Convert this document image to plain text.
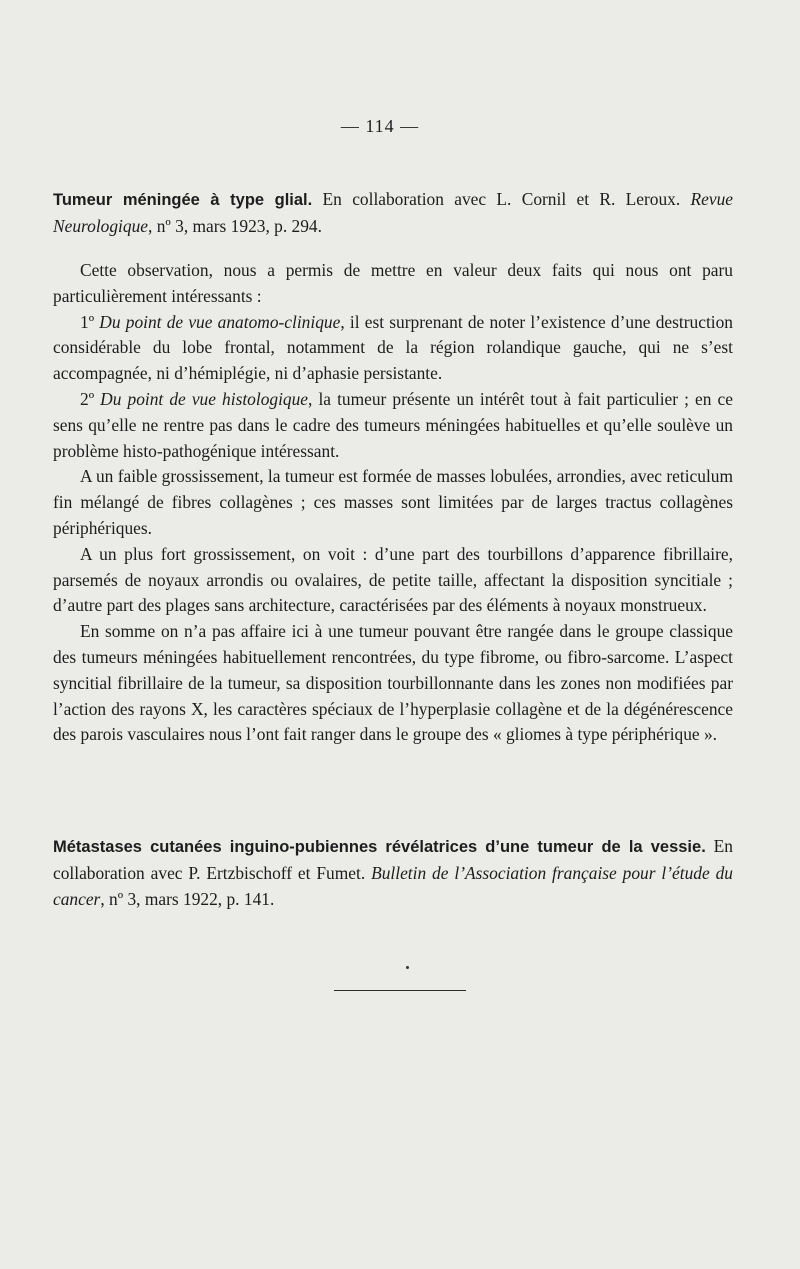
— 114 —
Tumeur méningée à type glial. En collaboration avec L. Cornil et R. Leroux. Revue Neurologique, nº 3, mars 1923, p. 294.

Cette observation, nous a permis de mettre en valeur deux faits qui nous ont paru particulièrement intéressants :

1º Du point de vue anatomo-clinique, il est surprenant de noter l’existence d’une destruction considérable du lobe frontal, notamment de la région rolandique gauche, qui ne s’est accompagnée, ni d’hémiplégie, ni d’aphasie persistante.

2º Du point de vue histologique, la tumeur présente un intérêt tout à fait particulier ; en ce sens qu’elle ne rentre pas dans le cadre des tumeurs méningées habituelles et qu’elle soulève un problème histo-pathogénique intéressant.

A un faible grossissement, la tumeur est formée de masses lobulées, arrondies, avec reticulum fin mélangé de fibres collagènes ; ces masses sont limitées par de larges tractus collagènes périphériques.

A un plus fort grossissement, on voit : d’une part des tourbillons d’apparence fibrillaire, parsemés de noyaux arrondis ou ovalaires, de petite taille, affectant la disposition syncitiale ; d’autre part des plages sans architecture, caractérisées par des éléments à noyaux monstrueux.

En somme on n’a pas affaire ici à une tumeur pouvant être rangée dans le groupe classique des tumeurs méningées habituellement rencontrées, du type fibrome, ou fibro-sarcome. L’aspect syncitial fibrillaire de la tumeur, sa disposition tourbillonnante dans les zones non modifiées par l’action des rayons X, les caractères spéciaux de l’hyperplasie collagène et de la dégénérescence des parois vasculaires nous l’ont fait ranger dans le groupe des « gliomes à type périphérique ».

Métastases cutanées inguino-pubiennes révélatrices d’une tumeur de la vessie. En collaboration avec P. Ertzbischoff et Fumet. Bulletin de l’Association française pour l’étude du cancer, nº 3, mars 1922, p. 141.
